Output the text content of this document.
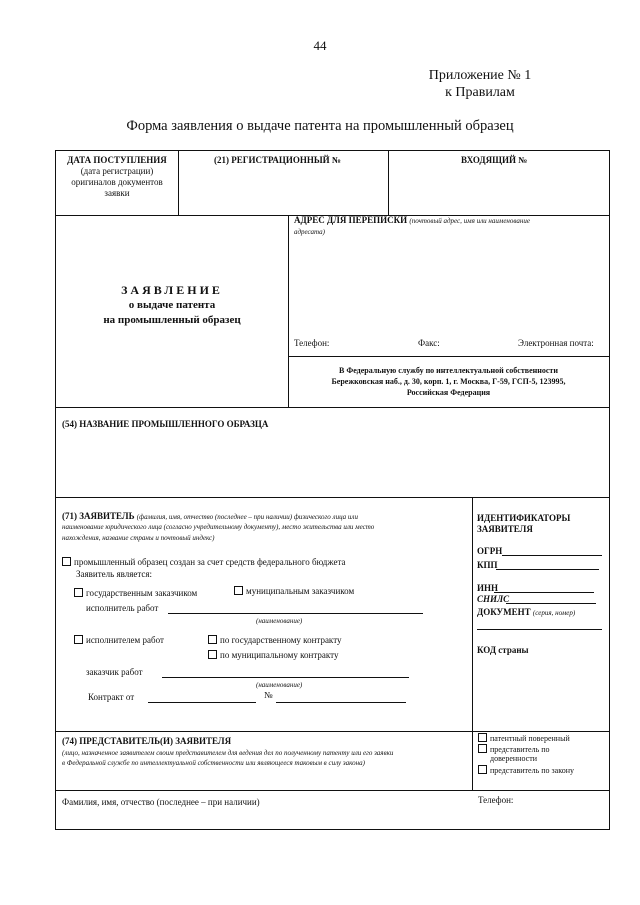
44
Приложение № 1
к Правилам
Форма заявления о выдаче патента на промышленный образец
ДАТА ПОСТУПЛЕНИЯ
(дата регистрации)
оригиналов документов
заявки
(21) РЕГИСТРАЦИОННЫЙ №	ВХОДЯЩИЙ №
ЗАЯВЛЕНИЕ
о выдаче патента
на промышленный образец
АДРЕС ДЛЯ ПЕРЕПИСКИ (почтовый адрес, имя или наименование
адресата)
Телефон:	Факс:	Электронная почта:
В Федеральную службу по интеллектуальной собственности
Бережковская наб., д. 30, корп. 1, г. Москва, Г-59, ГСП-5, 123995,
Российская Федерация
(54) НАЗВАНИЕ ПРОМЫШЛЕННОГО ОБРАЗЦА
(71) ЗАЯВИТЕЛЬ (фамилия, имя, отчество (последнее – при наличии) физического лица или
наименование юридического лица (согласно учредительному документу), место жительства или место
нахождения, название страны и почтовый индекс)
промышленный образец создан за счет средств федерального бюджета
Заявитель является:
государственным заказчиком	муниципальным заказчиком
исполнитель работ
(наименование)
исполнителем работ	по государственному контракту
по муниципальному контракту
заказчик работ
(наименование)
Контракт от	№
ИДЕНТИФИКАТОРЫ
ЗАЯВИТЕЛЯ
ОГРН
КПП
ИНН
СНИЛС
ДОКУМЕНТ (серия, номер)
КОД страны
(74) ПРЕДСТАВИТЕЛЬ(И) ЗАЯВИТЕЛЯ
(лицо, назначенное заявителем своим представителем для ведения дел по полученному патенту или его заявки
в Федеральной службе по интеллектуальной собственности или являющееся таковым в силу закона)
патентный поверенный
представитель по
доверенности
представитель по закону
Фамилия, имя, отчество (последнее – при наличии)	Телефон:
